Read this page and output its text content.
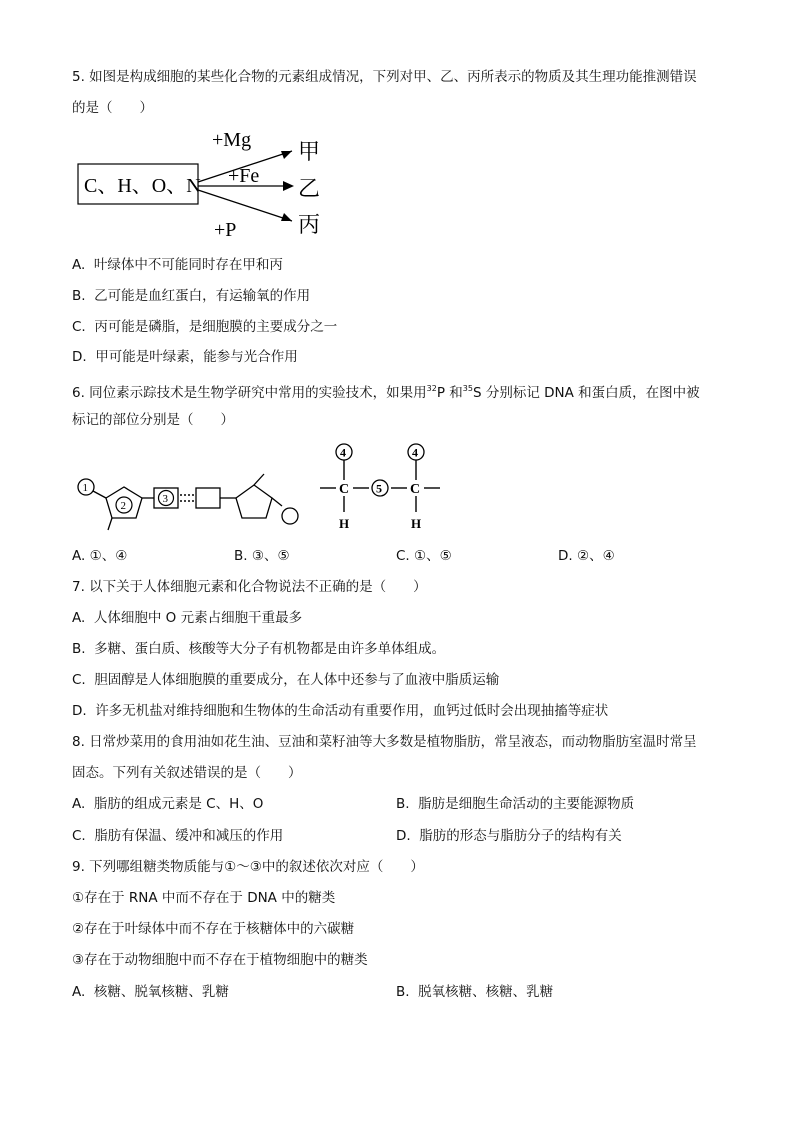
5. 如图是构成细胞的某些化合物的元素组成情况，下列对甲、乙、丙所表示的物质及其生理功能推测错误
的是（　　）
C、H、O、N
+Mg
+Fe
+P
甲
乙
丙
A. 叶绿体中不可能同时存在甲和丙
B. 乙可能是血红蛋白，有运输氧的作用
C. 丙可能是磷脂，是细胞膜的主要成分之一
D. 甲可能是叶绿素，能参与光合作用
6. 同位素示踪技术是生物学研究中常用的实验技术，如果用$^{32}$P 和$^{35}$S 分别标记 DNA 和蛋白质，在图中被
标记的部位分别是（　　）
1
2
3
4
C 5 C
4
H	H
A. ①、④	B. ③、⑤	C. ①、⑤	D. ②、④
7. 以下关于人体细胞元素和化合物说法不正确的是（　　）
A. 人体细胞中 O 元素占细胞干重最多
B. 多糖、蛋白质、核酸等大分子有机物都是由许多单体组成。
C. 胆固醇是人体细胞膜的重要成分，在人体中还参与了血液中脂质运输
D. 许多无机盐对维持细胞和生物体的生命活动有重要作用，血钙过低时会出现抽搐等症状
8. 日常炒菜用的食用油如花生油、豆油和菜籽油等大多数是植物脂肪，常呈液态，而动物脂肪室温时常呈
固态。下列有关叙述错误的是（　　）
A. 脂肪的组成元素是 C、H、O	B. 脂肪是细胞生命活动的主要能源物质
C. 脂肪有保温、缓冲和减压的作用	D. 脂肪的形态与脂肪分子的结构有关
9. 下列哪组糖类物质能与①～③中的叙述依次对应（　　）
①存在于 RNA 中而不存在于 DNA 中的糖类
②存在于叶绿体中而不存在于核糖体中的六碳糖
③存在于动物细胞中而不存在于植物细胞中的糖类
A. 核糖、脱氧核糖、乳糖	B. 脱氧核糖、核糖、乳糖
